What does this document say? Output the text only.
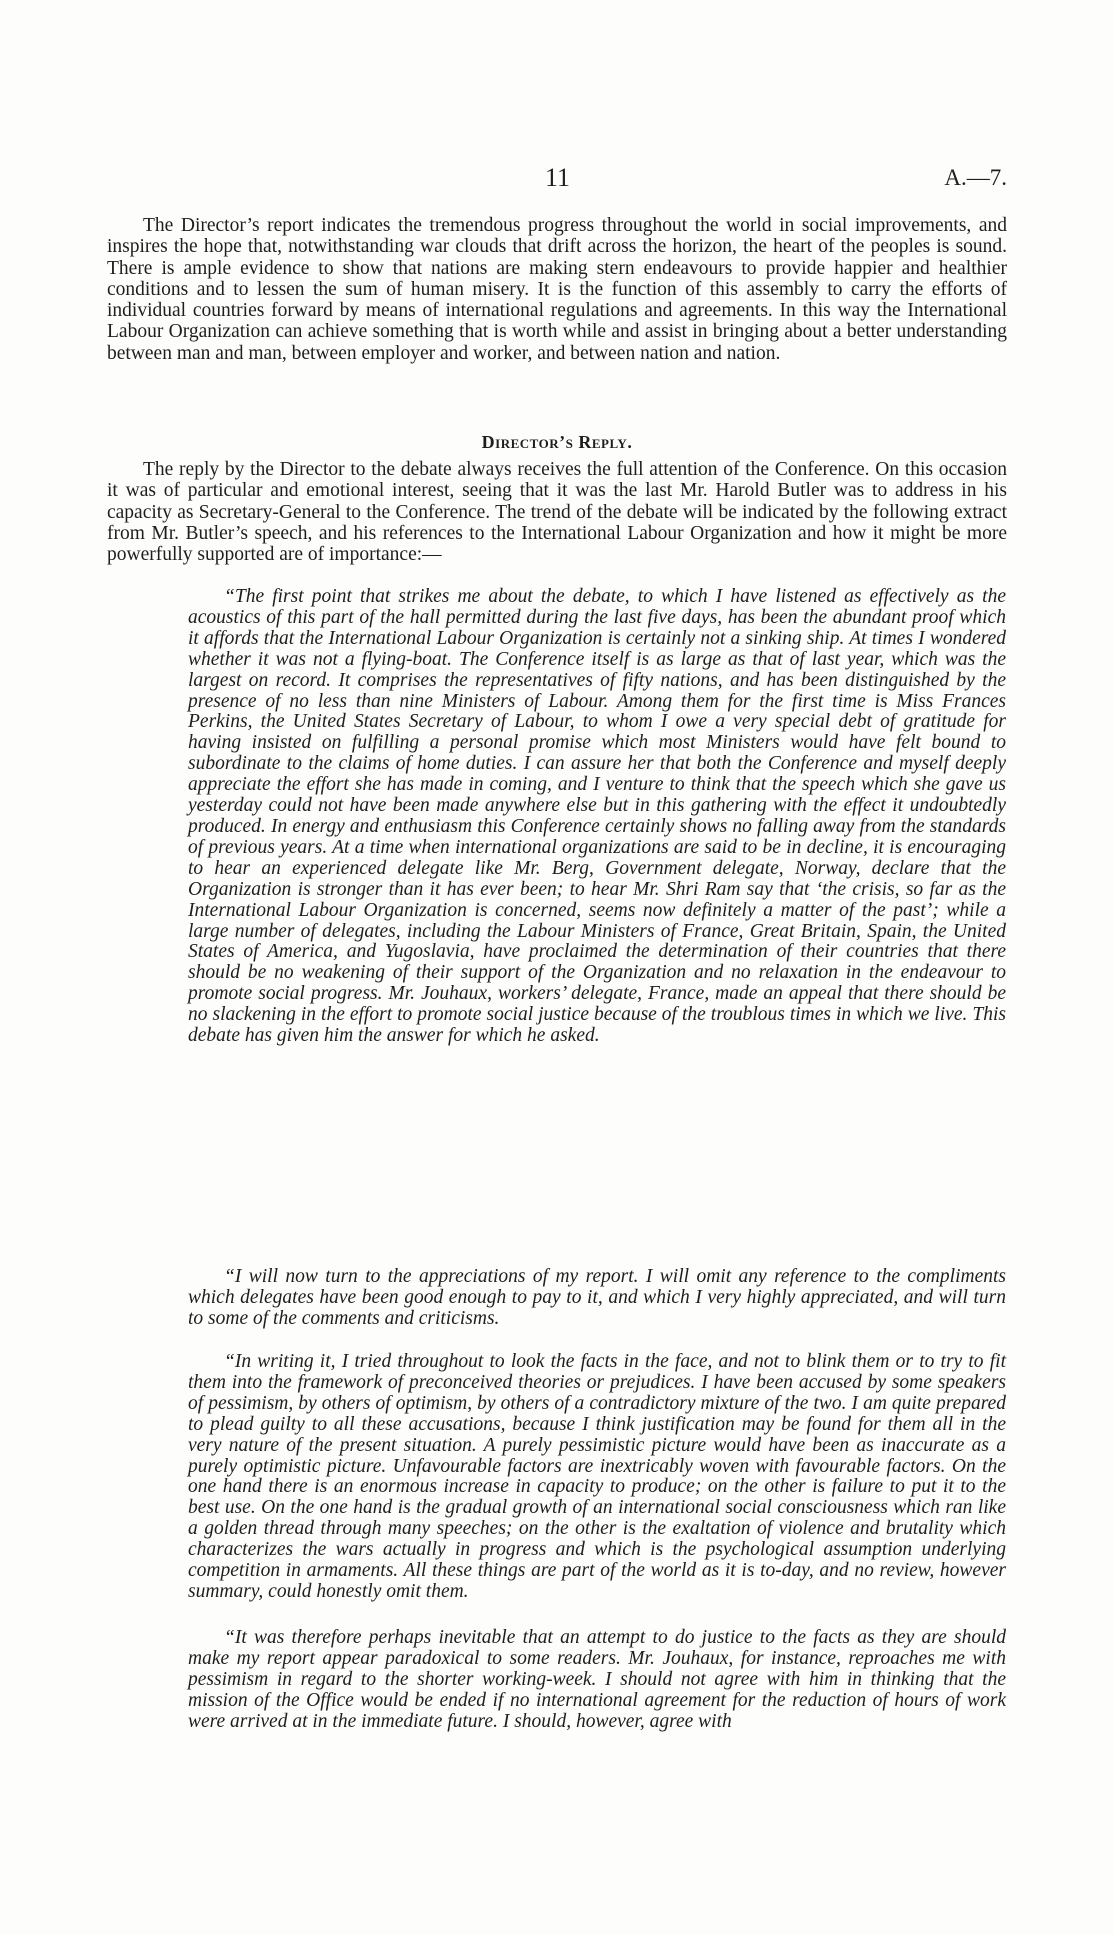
11	A.—7.

The Director’s report indicates the tremendous progress throughout the world in social improvements, and inspires the hope that, notwithstanding war clouds that drift across the horizon, the heart of the peoples is sound. There is ample evidence to show that nations are making stern endeavours to provide happier and healthier conditions and to lessen the sum of human misery. It is the function of this assembly to carry the efforts of individual countries forward by means of international regulations and agreements. In this way the International Labour Organization can achieve something that is worth while and assist in bringing about a better understanding between man and man, between employer and worker, and between nation and nation.

Director’s Reply.

The reply by the Director to the debate always receives the full attention of the Conference. On this occasion it was of particular and emotional interest, seeing that it was the last Mr. Harold Butler was to address in his capacity as Secretary-General to the Conference. The trend of the debate will be indicated by the following extract from Mr. Butler’s speech, and his references to the International Labour Organization and how it might be more powerfully supported are of importance:—

“The first point that strikes me about the debate, to which I have listened as effectively as the acoustics of this part of the hall permitted during the last five days, has been the abundant proof which it affords that the International Labour Organization is certainly not a sinking ship. At times I wondered whether it was not a flying-boat. The Conference itself is as large as that of last year, which was the largest on record. It comprises the representatives of fifty nations, and has been distinguished by the presence of no less than nine Ministers of Labour. Among them for the first time is Miss Frances Perkins, the United States Secretary of Labour, to whom I owe a very special debt of gratitude for having insisted on fulfilling a personal promise which most Ministers would have felt bound to subordinate to the claims of home duties. I can assure her that both the Conference and myself deeply appreciate the effort she has made in coming, and I venture to think that the speech which she gave us yesterday could not have been made anywhere else but in this gathering with the effect it undoubtedly produced. In energy and enthusiasm this Conference certainly shows no falling away from the standards of previous years. At a time when international organizations are said to be in decline, it is encouraging to hear an experienced delegate like Mr. Berg, Government delegate, Norway, declare that the Organization is stronger than it has ever been; to hear Mr. Shri Ram say that ‘the crisis, so far as the International Labour Organization is concerned, seems now definitely a matter of the past’; while a large number of delegates, including the Labour Ministers of France, Great Britain, Spain, the United States of America, and Yugoslavia, have proclaimed the determination of their countries that there should be no weakening of their support of the Organization and no relaxation in the endeavour to promote social progress. Mr. Jouhaux, workers’ delegate, France, made an appeal that there should be no slackening in the effort to promote social justice because of the troublous times in which we live. This debate has given him the answer for which he asked.

“I will now turn to the appreciations of my report. I will omit any reference to the compliments which delegates have been good enough to pay to it, and which I very highly appreciated, and will turn to some of the comments and criticisms.

“In writing it, I tried throughout to look the facts in the face, and not to blink them or to try to fit them into the framework of preconceived theories or prejudices. I have been accused by some speakers of pessimism, by others of optimism, by others of a contradictory mixture of the two. I am quite prepared to plead guilty to all these accusations, because I think justification may be found for them all in the very nature of the present situation. A purely pessimistic picture would have been as inaccurate as a purely optimistic picture. Unfavourable factors are inextricably woven with favourable factors. On the one hand there is an enormous increase in capacity to produce; on the other is failure to put it to the best use. On the one hand is the gradual growth of an international social consciousness which ran like a golden thread through many speeches; on the other is the exaltation of violence and brutality which characterizes the wars actually in progress and which is the psychological assumption underlying competition in armaments. All these things are part of the world as it is to-day, and no review, however summary, could honestly omit them.

“It was therefore perhaps inevitable that an attempt to do justice to the facts as they are should make my report appear paradoxical to some readers. Mr. Jouhaux, for instance, reproaches me with pessimism in regard to the shorter working-week. I should not agree with him in thinking that the mission of the Office would be ended if no international agreement for the reduction of hours of work were arrived at in the immediate future. I should, however, agree with
